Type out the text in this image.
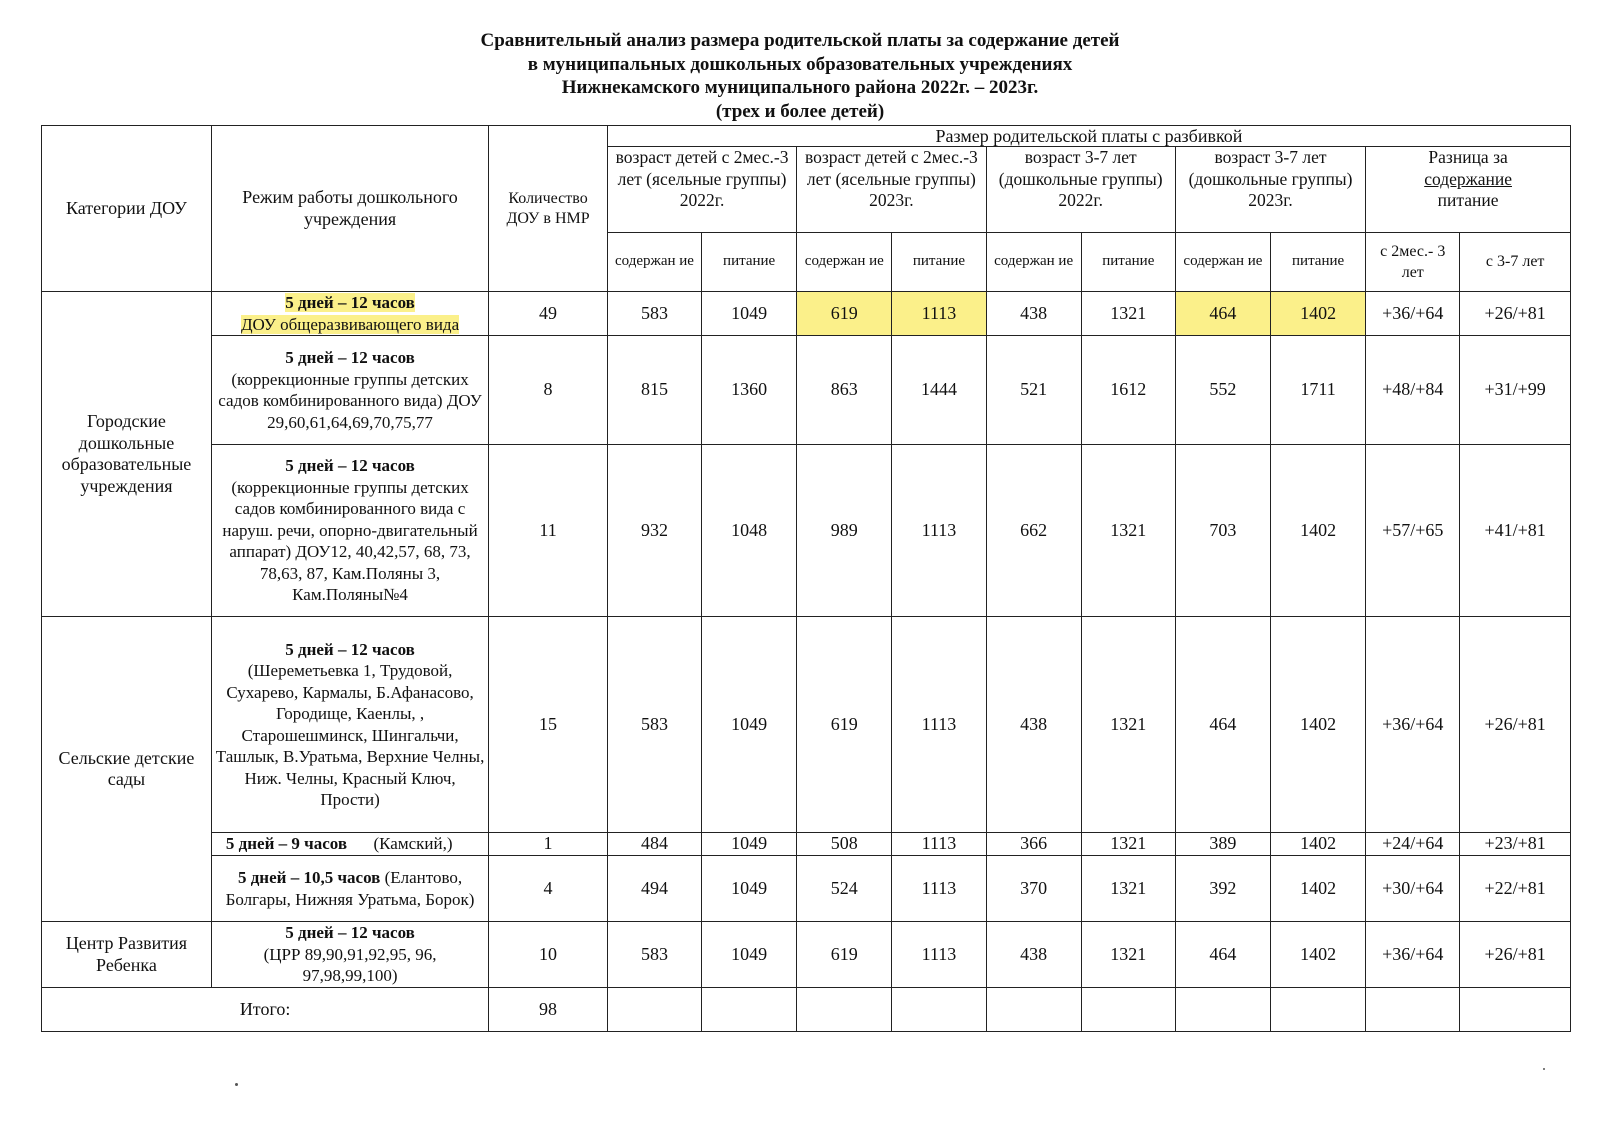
Сравнительный анализ размера родительской платы за содержание детей
в муниципальных дошкольных образовательных учреждениях
Нижнекамского муниципального района 2022г. – 2023г.
(трех и более детей)
Категории ДОУ	Режим работы дошкольного учреждения	Количество ДОУ в НМР	Размер родительской платы с разбивкой									
			возраст детей с 2мес.-3 лет (ясельные группы) 2022г.		возраст детей с 2мес.-3 лет (ясельные группы) 2023г.		возраст 3-7 лет (дошкольные группы) 2022г.		возраст 3-7 лет (дошкольные группы) 2023г.		Разница за
содержание
питание	

			содержан ие	питание	содержан ие	питание	содержан ие	питание	содержан ие	питание	с 2мес.- 3 лет	с 3-7 лет
Городские дошкольные образовательные учреждения	5 дней – 12 часов
ДОУ общеразвивающего вида	49	583	1049	619	1113	438	1321	464	1402	+36/+64	+26/+81

	5 дней – 12 часов
(коррекционные группы детских садов комбинированного вида) ДОУ 29,60,61,64,69,70,75,77	8	815	1360	863	1444	521	1612	552	1711	+48/+84	+31/+99

	5 дней – 12 часов
(коррекционные группы детских садов комбинированного вида с наруш. речи, опорно-двигательный аппарат) ДОУ12, 40,42,57, 68, 73, 78,63, 87, Кам.Поляны 3, Кам.Поляны№4	11	932	1048	989	1113	662	1321	703	1402	+57/+65	+41/+81
Сельские детские сады	5 дней – 12 часов
(Шереметьевка 1, Трудовой, Сухарево, Кармалы, Б.Афанасово, Городище, Каенлы, , Старошешминск, Шингальчи, Ташлык, В.Уратьма, Верхние Челны, Ниж. Челны, Красный Ключ, Прости)	15	583	1049	619	1113	438	1321	464	1402	+36/+64	+26/+81
	5 дней – 9 часов (Камский,)	1	484	1049	508	1113	366	1321	389	1402	+24/+64	+23/+81
	5 дней – 10,5 часов (Елантово, Болгары, Нижняя Уратьма, Борок)	4	494	1049	524	1113	370	1321	392	1402	+30/+64	+22/+81
Центр Развития Ребенка	5 дней – 12 часов
(ЦРР 89,90,91,92,95, 96, 97,98,99,100)	10	583	1049	619	1113	438	1321	464	1402	+36/+64	+26/+81
Итого:		98										
